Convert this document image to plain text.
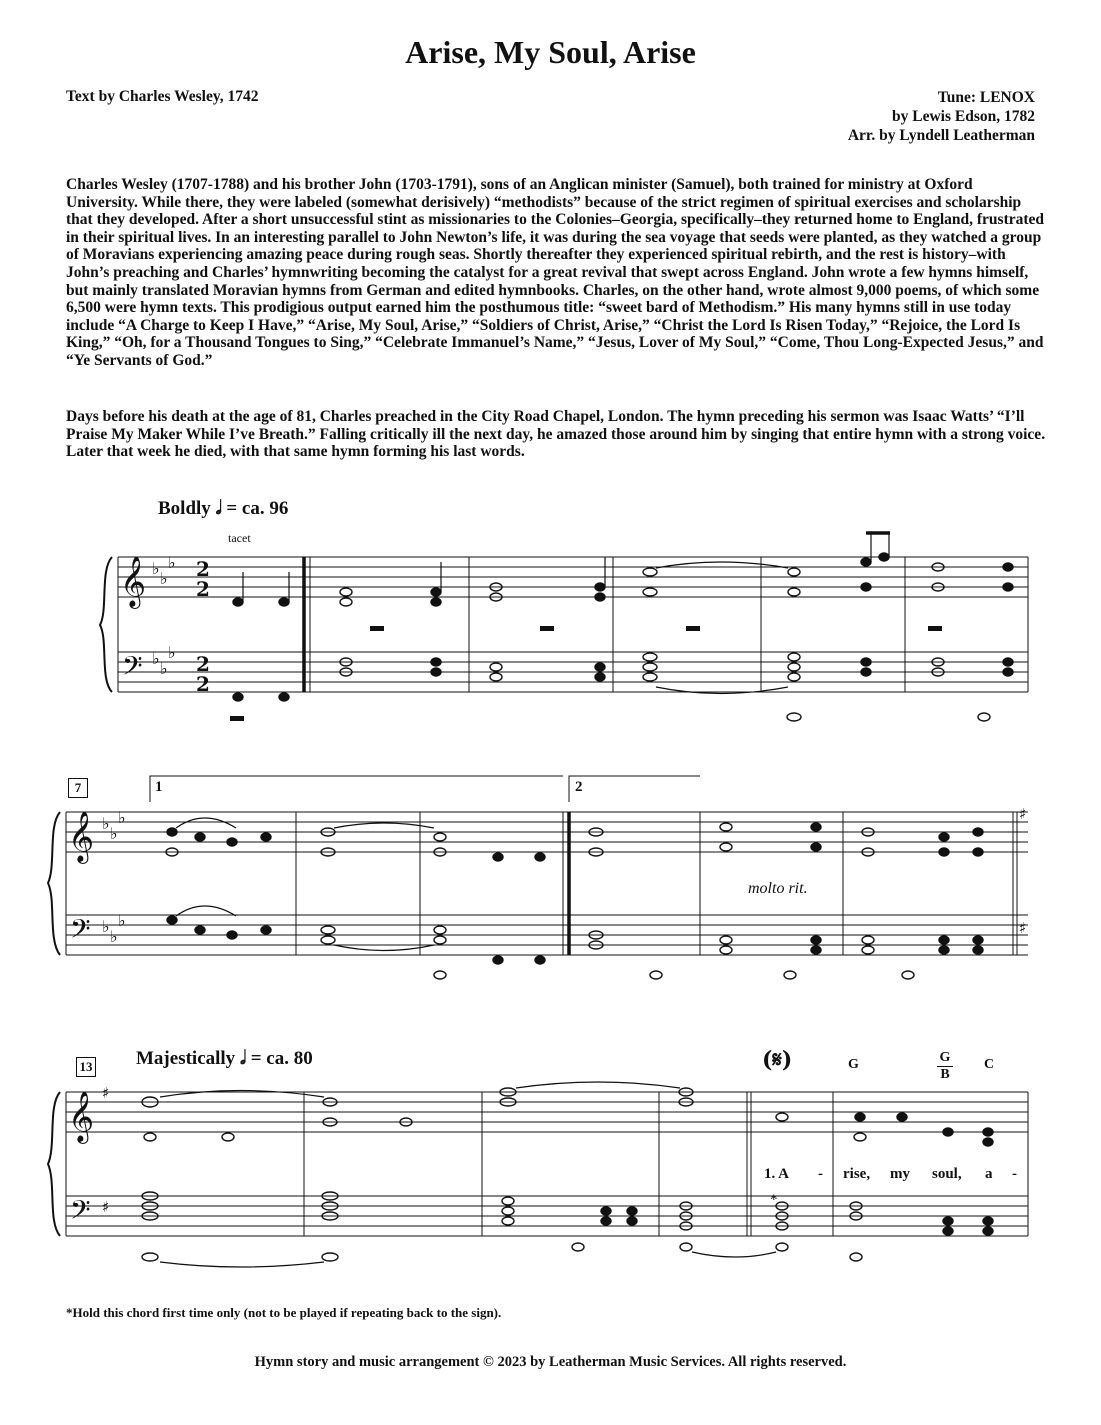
Arise, My Soul, Arise
Text by Charles Wesley, 1742	Tune: LENOX
by Lewis Edson, 1782
Arr. by Lyndell Leatherman

Charles Wesley (1707-1788) and his brother John (1703-1791), sons of an Anglican minister (Samuel), both trained for ministry at Oxford University. While there, they were labeled (somewhat derisively) “methodists” because of the strict regimen of spiritual exercises and scholarship that they developed. After a short unsuccessful stint as missionaries to the Colonies–Georgia, specifically–they returned home to England, frustrated in their spiritual lives. In an interesting parallel to John Newton’s life, it was during the sea voyage that seeds were planted, as they watched a group of Moravians experiencing amazing peace during rough seas. Shortly thereafter they experienced spiritual rebirth, and the rest is history–with John’s preaching and Charles’ hymnwriting becoming the catalyst for a great revival that swept across England. John wrote a few hymns himself, but mainly translated Moravian hymns from German and edited hymnbooks. Charles, on the other hand, wrote almost 9,000 poems, of which some 6,500 were hymn texts. This prodigious output earned him the posthumous title: “sweet bard of Methodism.” His many hymns still in use today include “A Charge to Keep I Have,” “Arise, My Soul, Arise,” “Soldiers of Christ, Arise,” “Christ the Lord Is Risen Today,” “Rejoice, the Lord Is King,” “Oh, for a Thousand Tongues to Sing,” “Celebrate Immanuel’s Name,” “Jesus, Lover of My Soul,” “Come, Thou Long-Expected Jesus,” and “Ye Servants of God.”

Days before his death at the age of 81, Charles preached in the City Road Chapel, London. The hymn preceding his sermon was Isaac Watts’ “I’ll Praise My Maker While I’ve Breath.” Falling critically ill the next day, he amazed those around him by singing that entire hymn with a strong voice. Later that week he died, with that same hymn forming his last words.

𝄞
𝄢
♭
♭
♭
♭
♭
♭
2
2
2
2
𝄞
𝄢
♭
♭
♭
♭
♭
♭
♯
♯
𝄞
𝄢
♯
♯
Boldly 𝅗𝅥 = ca. 96
tacet
7	1	2
molto rit.
13 Majestically 𝅗𝅥 = ca. 80	(𝄋)	G	G
B
C
1. A - rise, my soul, a -
*
*Hold this chord first time only (not to be played if repeating back to the sign).
Hymn story and music arrangement © 2023 by Leatherman Music Services. All rights reserved.
